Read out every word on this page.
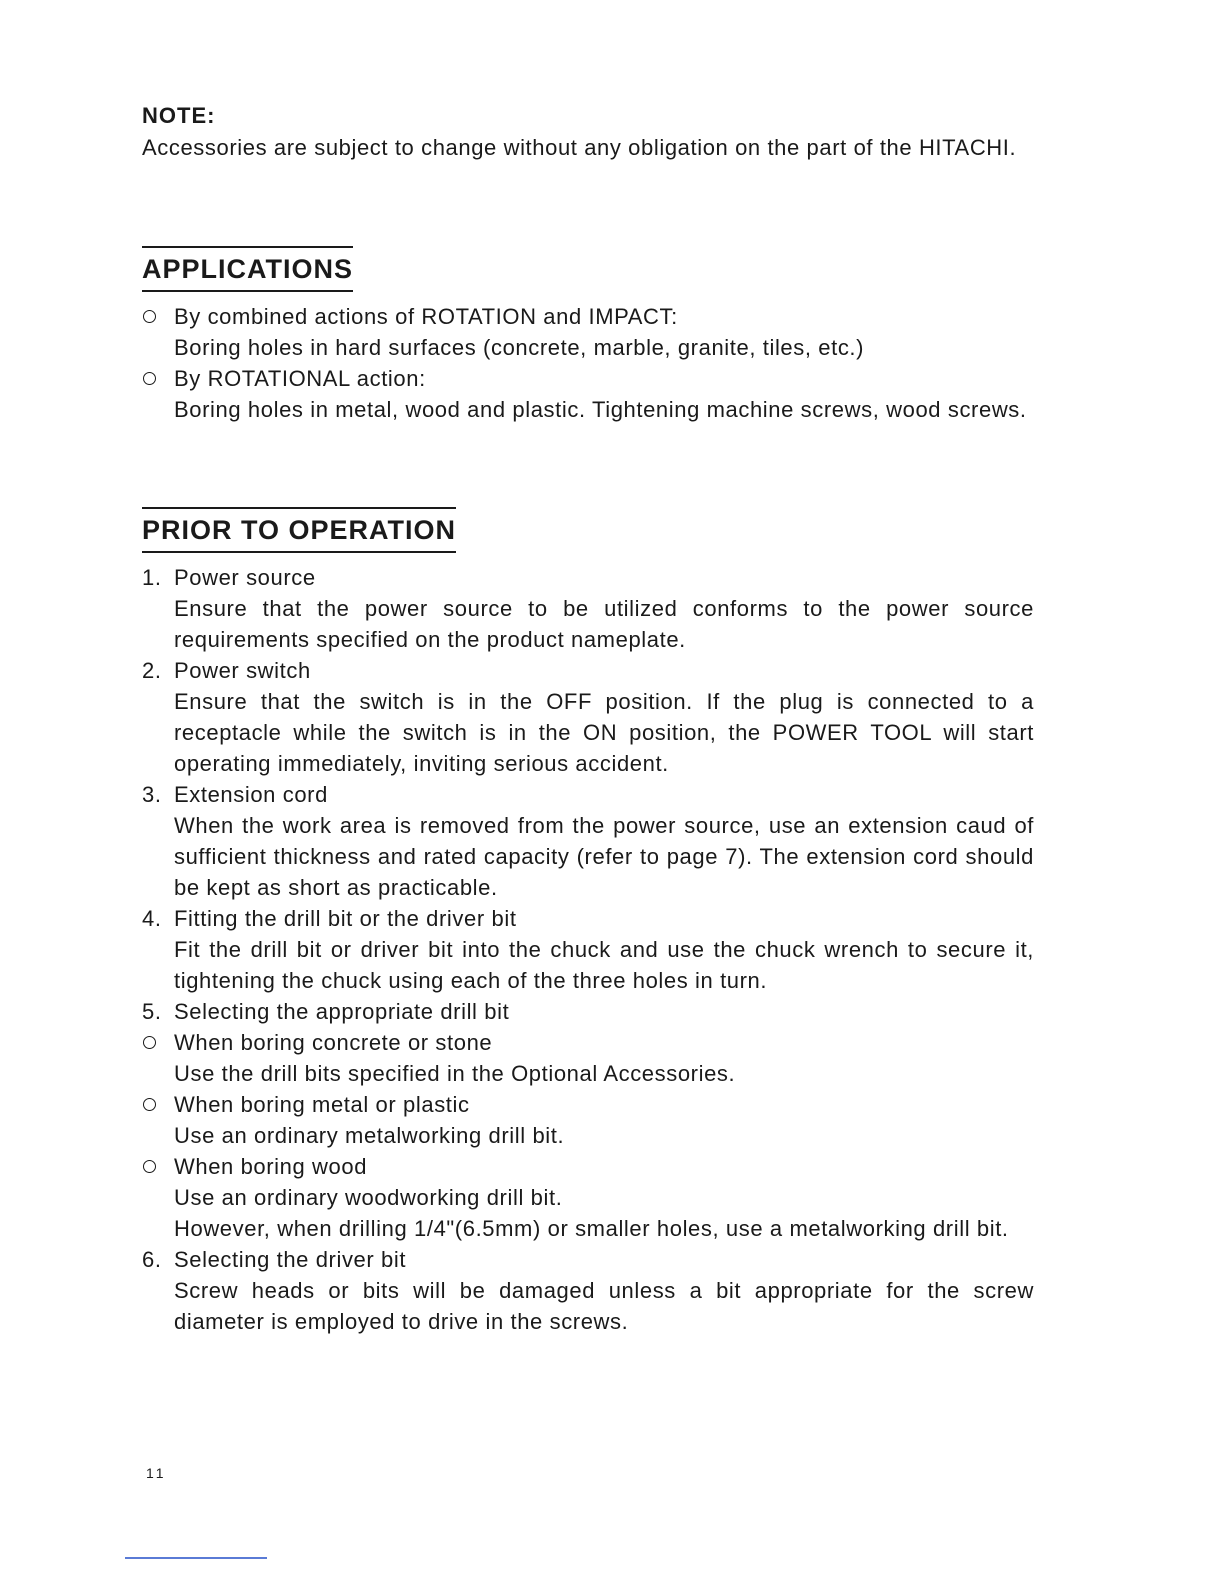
NOTE:
Accessories are subject to change without any obligation on the part of the HITACHI.
APPLICATIONS
By combined actions of ROTATION and IMPACT:
Boring holes in hard surfaces (concrete, marble, granite, tiles, etc.)
By ROTATIONAL action:
Boring holes in metal, wood and plastic. Tightening machine screws, wood screws.
PRIOR TO OPERATION
1. Power source
Ensure that the power source to be utilized conforms to the power source requirements specified on the product nameplate.
2. Power switch
Ensure that the switch is in the OFF position. If the plug is connected to a receptacle while the switch is in the ON position, the POWER TOOL will start operating immediately, inviting serious accident.
3. Extension cord
When the work area is removed from the power source, use an extension caud of sufficient thickness and rated capacity (refer to page 7). The extension cord should be kept as short as practicable.
4. Fitting the drill bit or the driver bit
Fit the drill bit or driver bit into the chuck and use the chuck wrench to secure it, tightening the chuck using each of the three holes in turn.
5. Selecting the appropriate drill bit
When boring concrete or stone
Use the drill bits specified in the Optional Accessories.
When boring metal or plastic
Use an ordinary metalworking drill bit.
When boring wood
Use an ordinary woodworking drill bit.
However, when drilling 1/4"(6.5mm) or smaller holes, use a metalworking drill bit.
6. Selecting the driver bit
Screw heads or bits will be damaged unless a bit appropriate for the screw diameter is employed to drive in the screws.
11
